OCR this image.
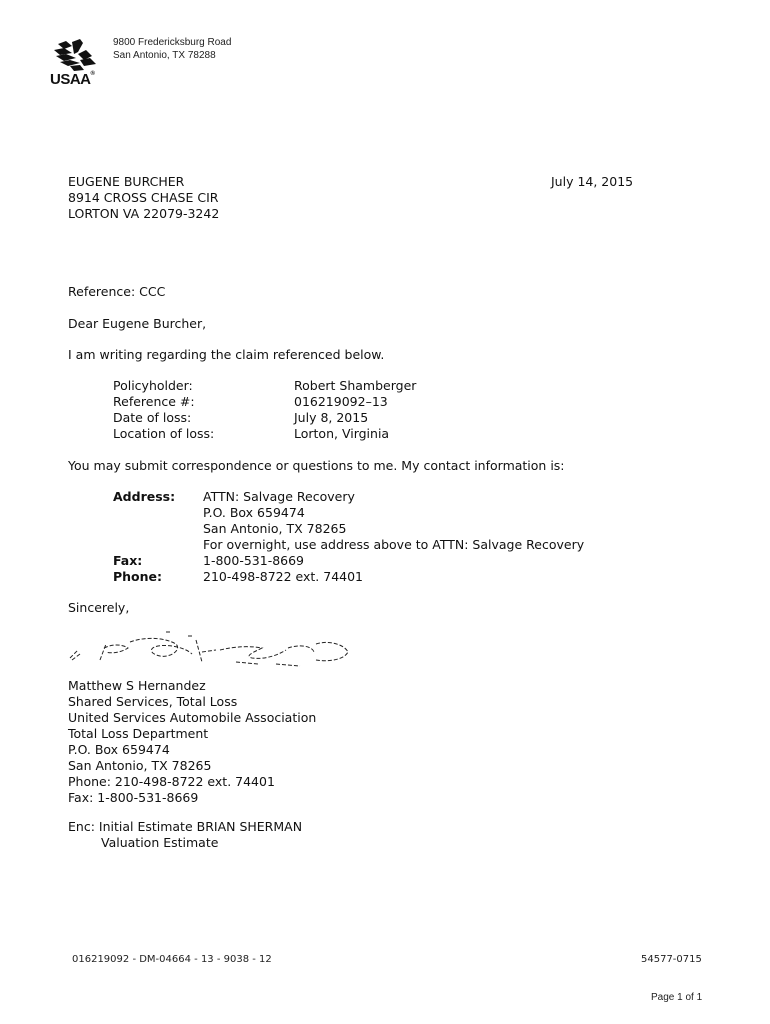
USAA®
9800 Fredericksburg Road
San Antonio, TX 78288
EUGENE BURCHER
8914 CROSS CHASE CIR
LORTON VA 22079-3242
July 14, 2015
Reference: CCC
Dear Eugene Burcher,
I am writing regarding the claim referenced below.
Policyholder:	Robert Shamberger
Reference #:	016219092–13
Date of loss:	July 8, 2015
Location of loss:	Lorton, Virginia
You may submit correspondence or questions to me. My contact information is:
Address:	ATTN: Salvage Recovery
P.O. Box 659474
San Antonio, TX 78265
For overnight, use address above to ATTN: Salvage Recovery
Fax:	1-800-531-8669
Phone:	210-498-8722 ext. 74401
Sincerely,
Matthew S Hernandez
Shared Services, Total Loss
United Services Automobile Association
Total Loss Department
P.O. Box 659474
San Antonio, TX 78265
Phone: 210-498-8722 ext. 74401
Fax: 1-800-531-8669
Enc: Initial Estimate BRIAN SHERMAN
Valuation Estimate
016219092 - DM-04664 - 13 - 9038 - 12	54577-0715
Page 1 of 1
